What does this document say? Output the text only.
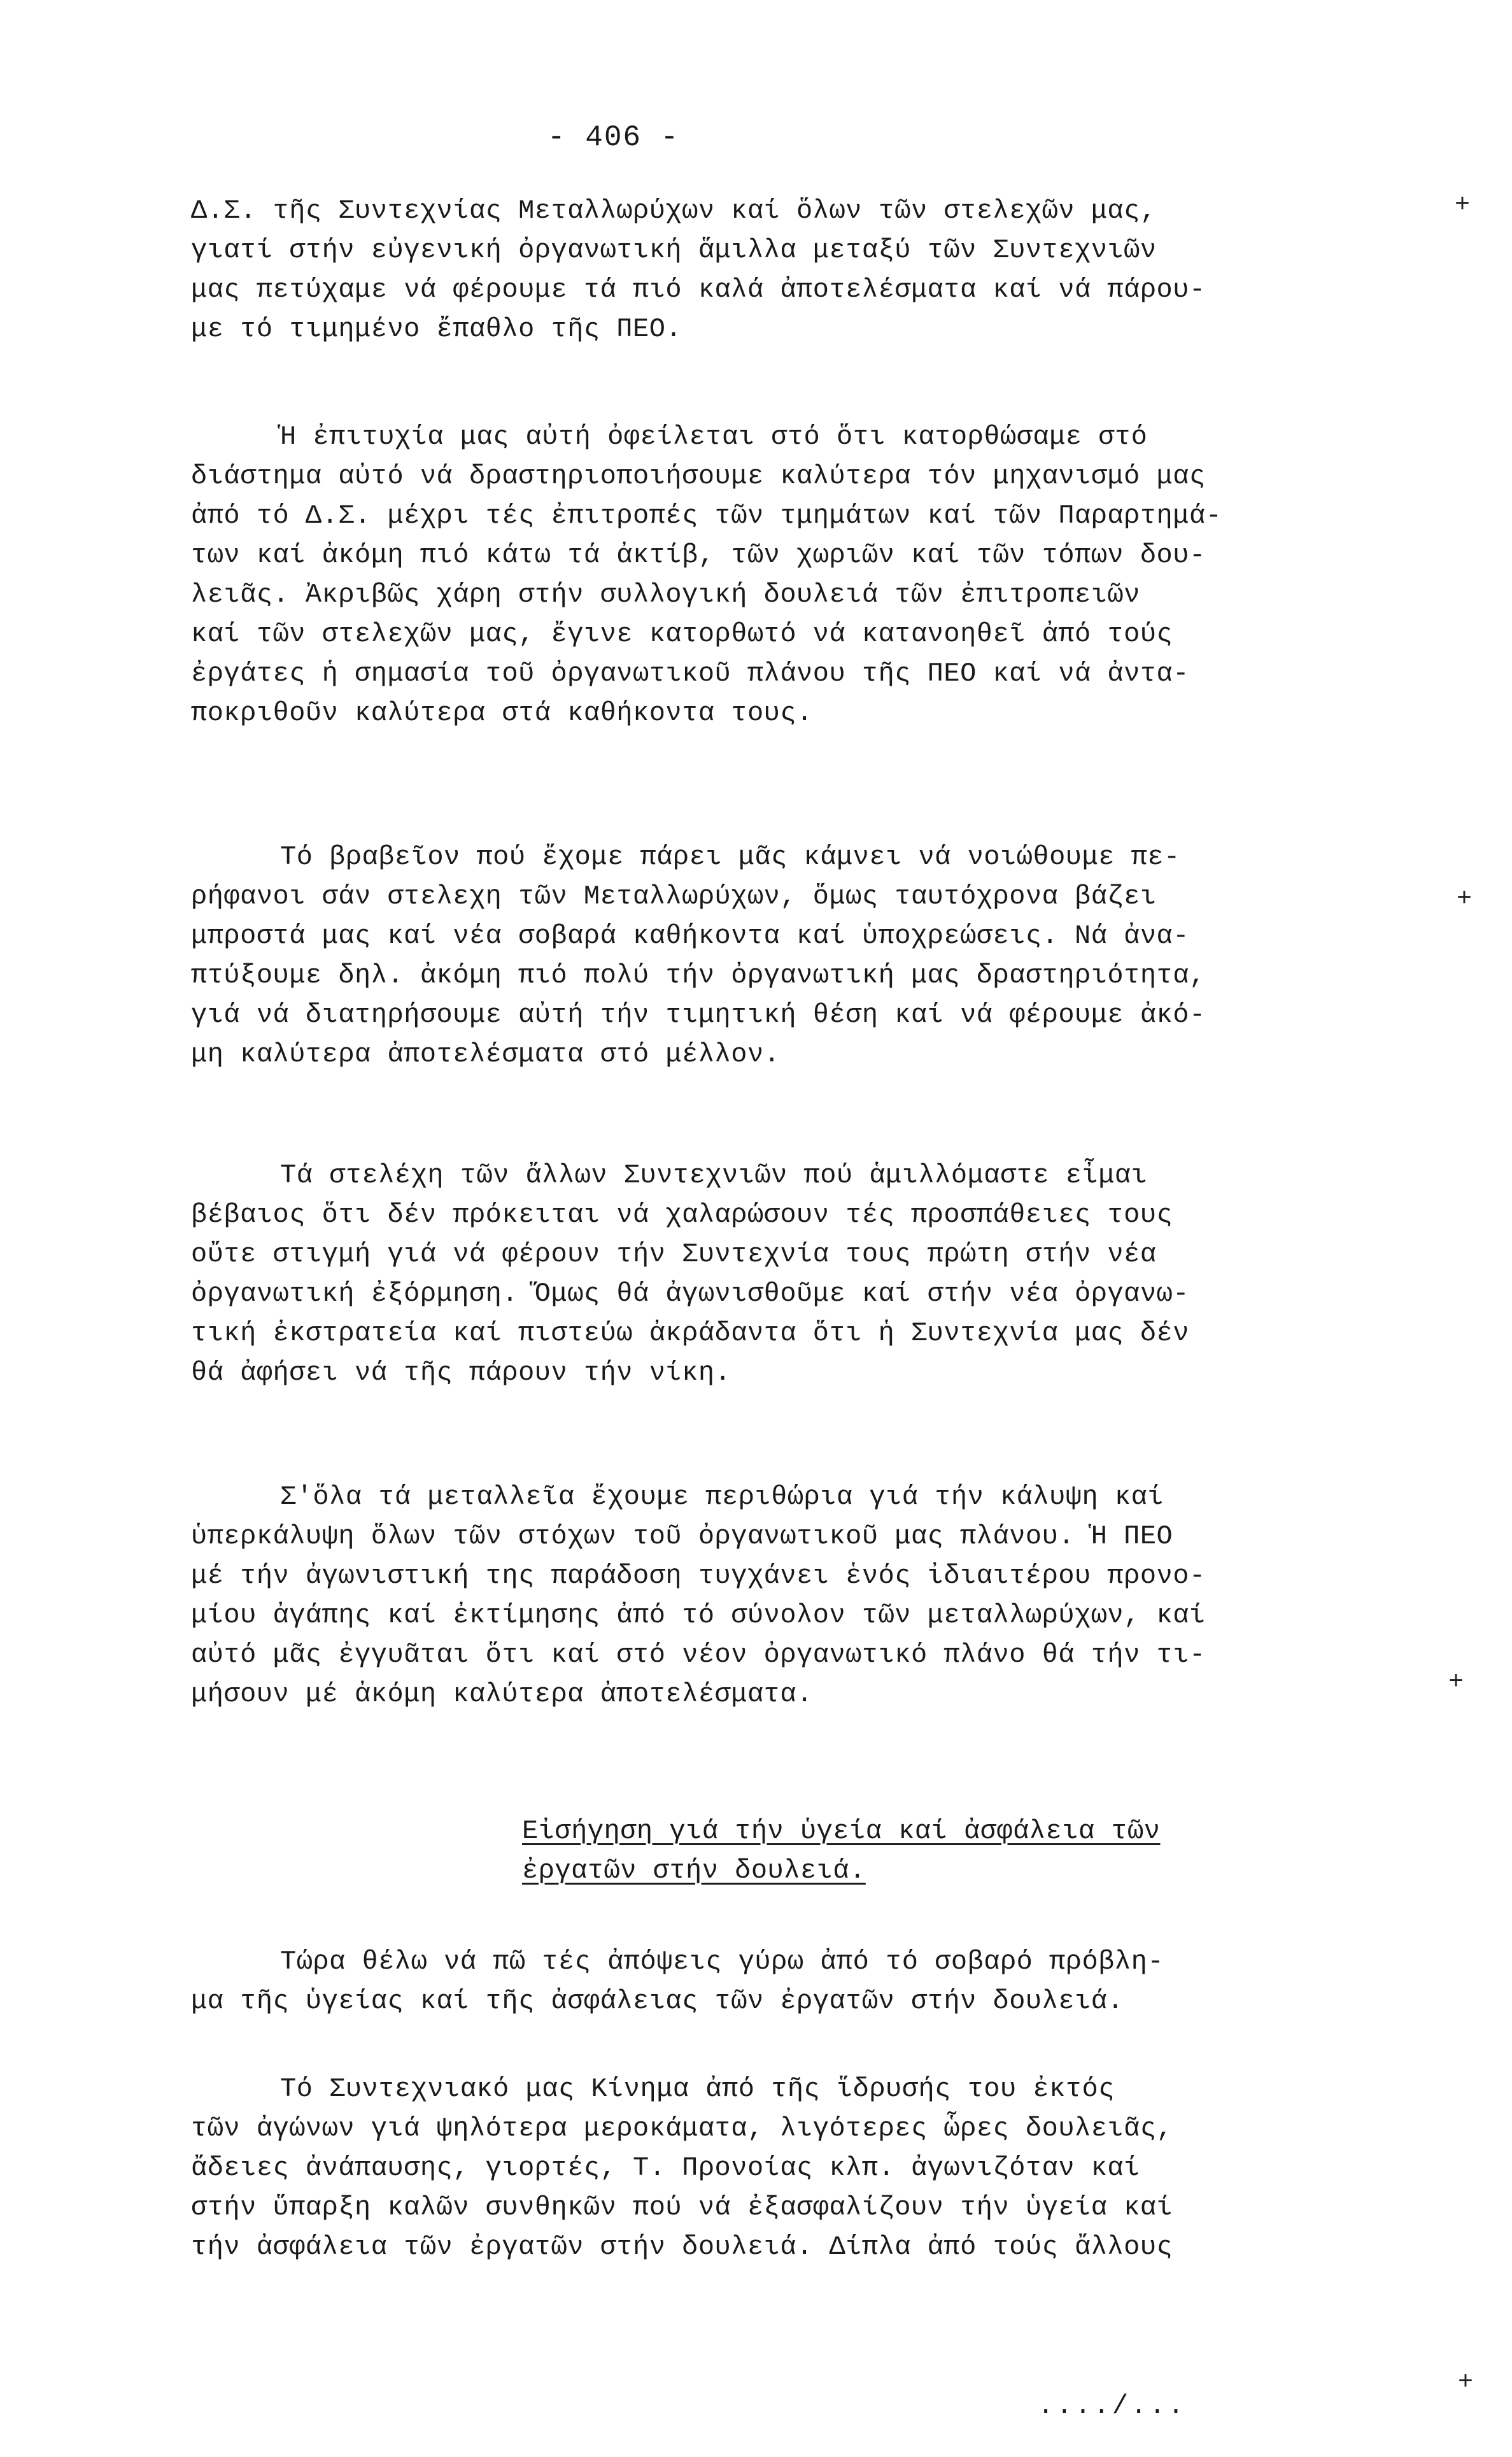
- 406 -
Δ.Σ. τῆς Συντεχνίας Μεταλλωρύχων καί ὅλων τῶν στελεχῶν μας,
γιατί στήν εὐγενική ὀργανωτική ἅμιλλα μεταξύ τῶν Συντεχνιῶν
μας πετύχαμε νά φέρουμε τά πιό καλά ἀποτελέσματα καί νά πάρου-
με τό τιμημένο ἔπαθλο τῆς ΠΕΟ.
Ἡ ἐπιτυχία μας αὐτή ὀφείλεται στό ὅτι κατορθώσαμε στό
διάστημα αὐτό νά δραστηριοποιήσουμε καλύτερα τόν μηχανισμό μας
ἀπό τό Δ.Σ. μέχρι τές ἐπιτροπές τῶν τμημάτων καί τῶν Παραρτημά-
των καί ἀκόμη πιό κάτω τά ἀκτίβ, τῶν χωριῶν καί τῶν τόπων δου-
λειᾶς. Ἀκριβῶς χάρη στήν συλλογική δουλειά τῶν ἐπιτροπειῶν
καί τῶν στελεχῶν μας, ἔγινε κατορθωτό νά κατανοηθεῖ ἀπό τούς
ἐργάτες ἡ σημασία τοῦ ὀργανωτικοῦ πλάνου τῆς ΠΕΟ καί νά ἀντα-
ποκριθοῦν καλύτερα στά καθήκοντα τους.
Τό βραβεῖον πού ἔχομε πάρει μᾶς κάμνει νά νοιώθουμε πε-
ρήφανοι σάν στελεχη τῶν Μεταλλωρύχων, ὅμως ταυτόχρονα βάζει
μπροστά μας καί νέα σοβαρά καθήκοντα καί ὑποχρεώσεις. Νά ἀνα-
πτύξουμε δηλ. ἀκόμη πιό πολύ τήν ὀργανωτική μας δραστηριότητα,
γιά νά διατηρήσουμε αὐτή τήν τιμητική θέση καί νά φέρουμε ἀκό-
μη καλύτερα ἀποτελέσματα στό μέλλον.
Τά στελέχη τῶν ἄλλων Συντεχνιῶν πού ἁμιλλόμαστε εἶμαι
βέβαιος ὅτι δέν πρόκειται νά χαλαρώσουν τές προσπάθειες τους
οὔτε στιγμή γιά νά φέρουν τήν Συντεχνία τους πρώτη στήν νέα
ὀργανωτική ἐξόρμηση. Ὅμως θά ἀγωνισθοῦμε καί στήν νέα ὀργανω-
τική ἐκστρατεία καί πιστεύω ἀκράδαντα ὅτι ἡ Συντεχνία μας δέν
θά ἀφήσει νά τῆς πάρουν τήν νίκη.
Σ'ὅλα τά μεταλλεῖα ἔχουμε περιθώρια γιά τήν κάλυψη καί
ὑπερκάλυψη ὅλων τῶν στόχων τοῦ ὀργανωτικοῦ μας πλάνου. Ἡ ΠΕΟ
μέ τήν ἀγωνιστική της παράδοση τυγχάνει ἑνός ἰδιαιτέρου προνο-
μίου ἀγάπης καί ἐκτίμησης ἀπό τό σύνολον τῶν μεταλλωρύχων, καί
αὐτό μᾶς ἐγγυᾶται ὅτι καί στό νέον ὀργανωτικό πλάνο θά τήν τι-
μήσουν μέ ἀκόμη καλύτερα ἀποτελέσματα.
Εἰσήγηση γιά τήν ὑγεία καί ἀσφάλεια τῶν
ἐργατῶν στήν δουλειά.
Τώρα θέλω νά πῶ τές ἀπόψεις γύρω ἀπό τό σοβαρό πρόβλη-
μα τῆς ὑγείας καί τῆς ἀσφάλειας τῶν ἐργατῶν στήν δουλειά.
Τό Συντεχνιακό μας Κίνημα ἀπό τῆς ἵδρυσής του ἐκτός
τῶν ἀγώνων γιά ψηλότερα μεροκάματα, λιγότερες ὧρες δουλειᾶς,
ἄδειες ἀνάπαυσης, γιορτές, Τ. Προνοίας κλπ. ἀγωνιζόταν καί
στήν ὕπαρξη καλῶν συνθηκῶν πού νά ἐξασφαλίζουν τήν ὑγεία καί
τήν ἀσφάλεια τῶν ἐργατῶν στήν δουλειά. Δίπλα ἀπό τούς ἄλλους
..../...
+
+
+
+
